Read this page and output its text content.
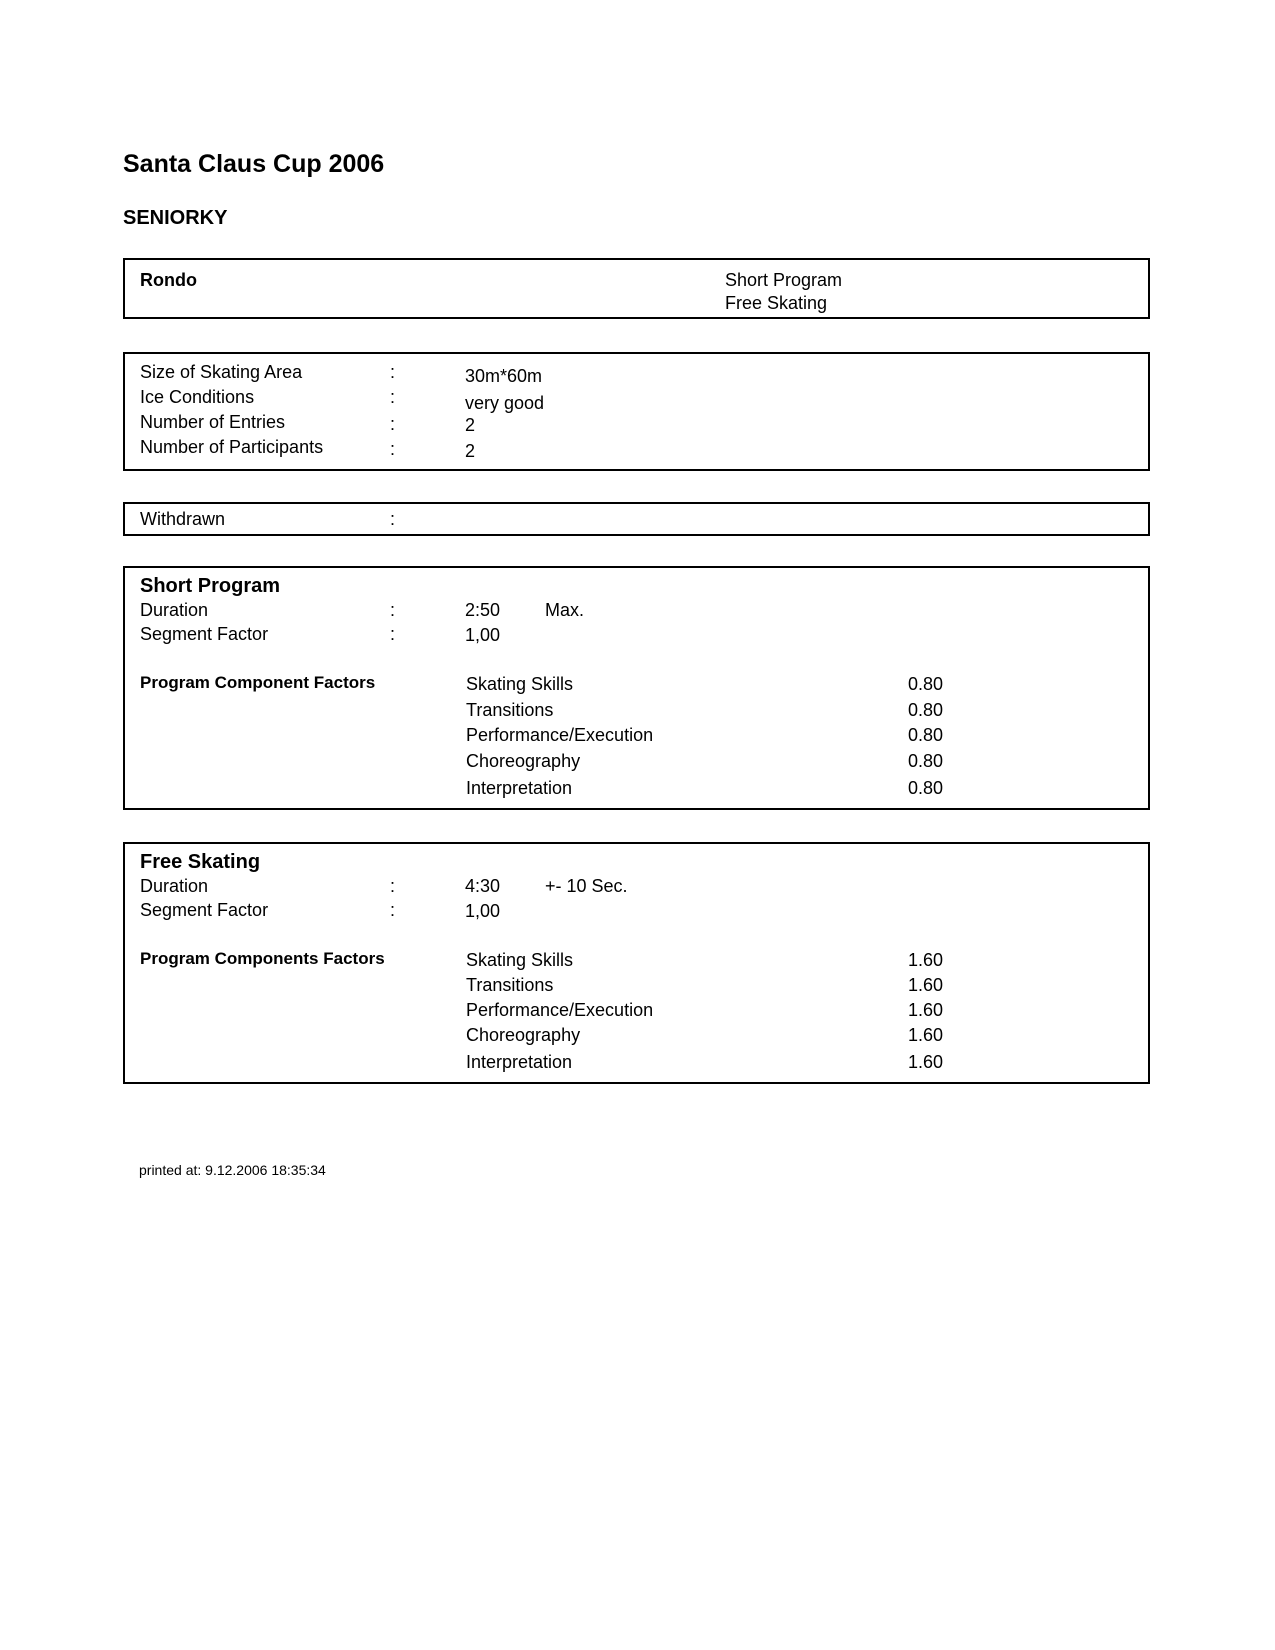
Santa Claus Cup 2006
SENIORKY
Rondo	Short Program
Free Skating
Size of Skating Area	:	30m*60m
Ice Conditions	:	very good
Number of Entries	:	2
Number of Participants	:	2
Withdrawn	:
Short Program
Duration	:	2:50 Max.
Segment Factor	:	1,00
Program Component Factors	Skating Skills	0.80
Transitions	0.80
Performance/Execution	0.80
Choreography	0.80
Interpretation	0.80
Free Skating
Duration	:	4:30 +- 10 Sec.
Segment Factor	:	1,00
Program Components Factors	Skating Skills	1.60
Transitions	1.60
Performance/Execution	1.60
Choreography	1.60
Interpretation	1.60
printed at: 9.12.2006 18:35:34
